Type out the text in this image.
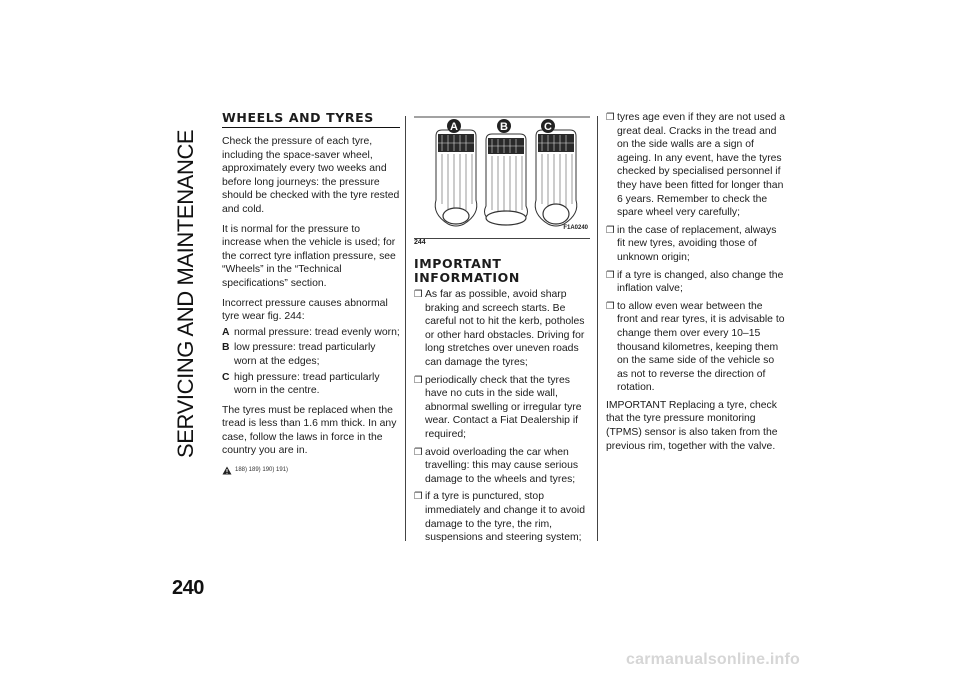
SERVICING AND MAINTENANCE
240
carmanualsonline.info
WHEELS AND TYRES

Check the pressure of each tyre, including the space-saver wheel, approximately every two weeks and before long journeys: the pressure should be checked with the tyre rested and cold.

It is normal for the pressure to increase when the vehicle is used; for the correct tyre inflation pressure, see “Wheels” in the “Technical specifications” section.

Incorrect pressure causes abnormal tyre wear fig. 244:

A normal pressure: tread evenly worn;
B low pressure: tread particularly worn at the edges;
C high pressure: tread particularly worn in the centre.

The tyres must be replaced when the tread is less than 1.6 mm thick. In any case, follow the laws in force in the country you are in.

188) 189) 190) 191)
A	B	C
F1A0240
244
IMPORTANT INFORMATION
❒ As far as possible, avoid sharp braking and screech starts. Be careful not to hit the kerb, potholes or other hard obstacles. Driving for long stretches over uneven roads can damage the tyres;
❒ periodically check that the tyres have no cuts in the side wall, abnormal swelling or irregular tyre wear. Contact a Fiat Dealership if required;
❒ avoid overloading the car when travelling: this may cause serious damage to the wheels and tyres;
❒ if a tyre is punctured, stop immediately and change it to avoid damage to the tyre, the rim, suspensions and steering system;
❒ tyres age even if they are not used a great deal. Cracks in the tread and on the side walls are a sign of ageing. In any event, have the tyres checked by specialised personnel if they have been fitted for longer than 6 years. Remember to check the spare wheel very carefully;
❒ in the case of replacement, always fit new tyres, avoiding those of unknown origin;
❒ if a tyre is changed, also change the inflation valve;
❒ to allow even wear between the front and rear tyres, it is advisable to change them over every 10–15 thousand kilometres, keeping them on the same side of the vehicle so as not to reverse the direction of rotation.

IMPORTANT Replacing a tyre, check that the tyre pressure monitoring (TPMS) sensor is also taken from the previous rim, together with the valve.
